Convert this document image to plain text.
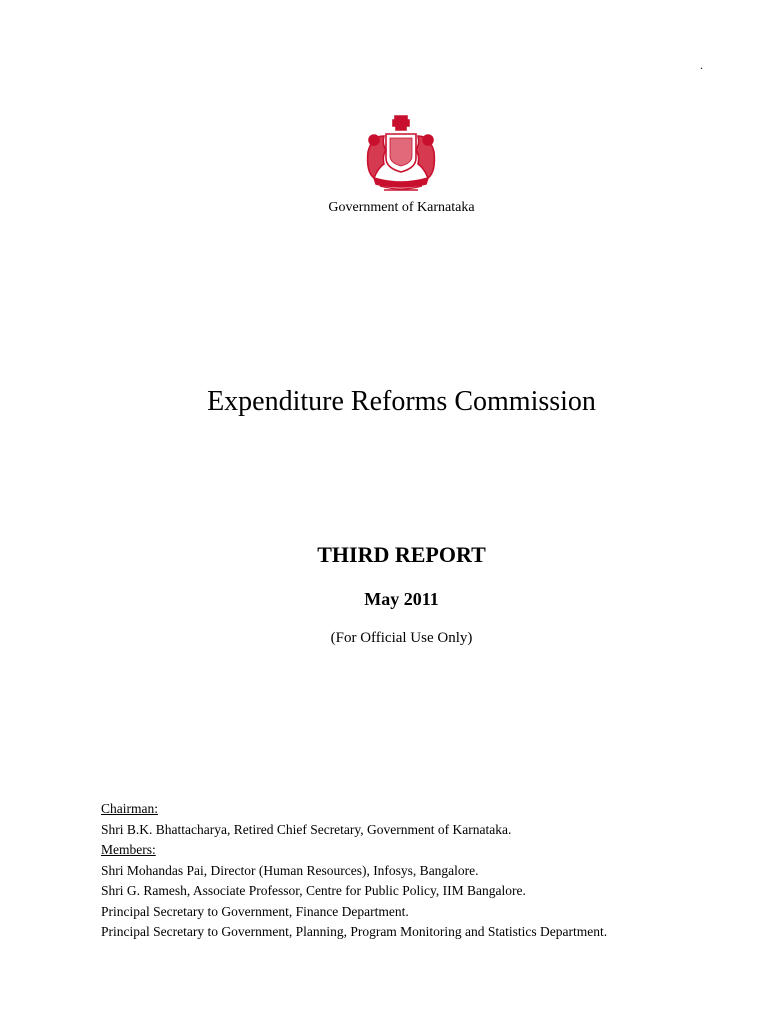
.
Government of Karnataka
Expenditure Reforms Commission
THIRD REPORT
May 2011
(For Official Use Only)
Chairman:
Shri B.K. Bhattacharya, Retired Chief Secretary, Government of Karnataka.
Members:
Shri Mohandas Pai, Director (Human Resources), Infosys, Bangalore.
Shri G. Ramesh, Associate Professor, Centre for Public Policy, IIM Bangalore.
Principal Secretary to Government, Finance Department.
Principal Secretary to Government, Planning, Program Monitoring and Statistics Department.
